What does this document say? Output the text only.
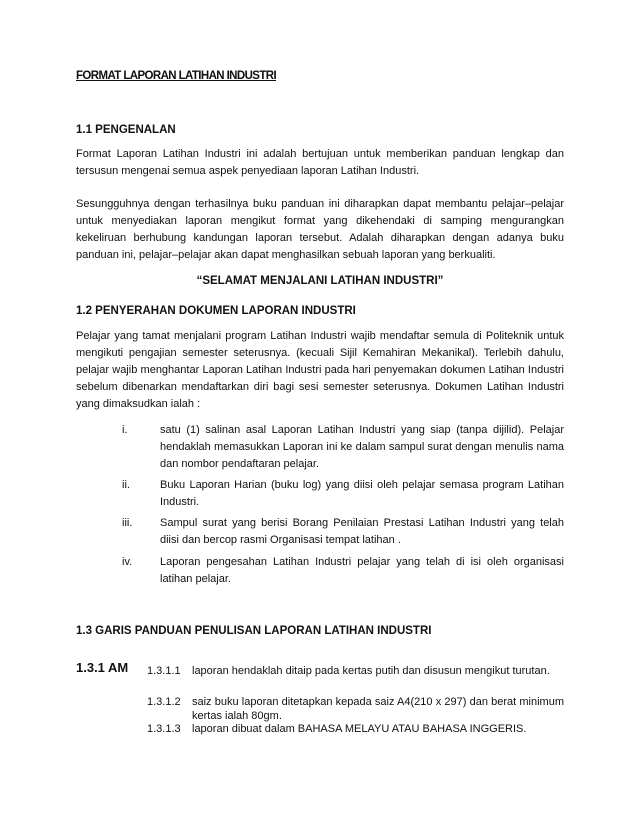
FORMAT LAPORAN LATIHAN INDUSTRI
1.1 PENGENALAN

Format Laporan Latihan Industri ini adalah bertujuan untuk memberikan panduan lengkap dan tersusun mengenai semua aspek penyediaan laporan Latihan Industri.

Sesungguhnya dengan terhasilnya buku panduan ini diharapkan dapat membantu pelajar–pelajar untuk menyediakan laporan mengikut format yang dikehendaki di samping mengurangkan kekeliruan berhubung kandungan laporan tersebut. Adalah diharapkan dengan adanya buku panduan ini, pelajar–pelajar akan dapat menghasilkan sebuah laporan yang berkualiti.

“SELAMAT MENJALANI LATIHAN INDUSTRI”
1.2 PENYERAHAN DOKUMEN LAPORAN INDUSTRI

Pelajar yang tamat menjalani program Latihan Industri wajib mendaftar semula di Politeknik untuk mengikuti pengajian semester seterusnya. (kecuali Sijil Kemahiran Mekanikal). Terlebih dahulu, pelajar wajib menghantar Laporan Latihan Industri pada hari penyemakan dokumen Latihan Industri sebelum dibenarkan mendaftarkan diri bagi sesi semester seterusnya. Dokumen Latihan Industri yang dimaksudkan ialah :

i.	satu (1) salinan asal Laporan Latihan Industri yang siap (tanpa dijilid). Pelajar hendaklah memasukkan Laporan ini ke dalam sampul surat dengan menulis nama dan nombor pendaftaran pelajar.

ii.	Buku Laporan Harian (buku log) yang diisi oleh pelajar semasa program Latihan Industri.

iii.	Sampul surat yang berisi Borang Penilaian Prestasi Latihan Industri yang telah diisi dan bercop rasmi Organisasi tempat latihan .

iv.	Laporan pengesahan Latihan Industri pelajar yang telah di isi oleh organisasi latihan pelajar.

1.3 GARIS PANDUAN PENULISAN LAPORAN LATIHAN INDUSTRI
1.3.1 AM 1.3.1.1 laporan hendaklah ditaip pada kertas putih dan disusun mengikut turutan.

1.3.1.2 saiz buku laporan ditetapkan kepada saiz A4(210 x 297) dan berat minimum kertas ialah 80gm.

1.3.1.3 laporan dibuat dalam BAHASA MELAYU ATAU BAHASA INGGERIS.
